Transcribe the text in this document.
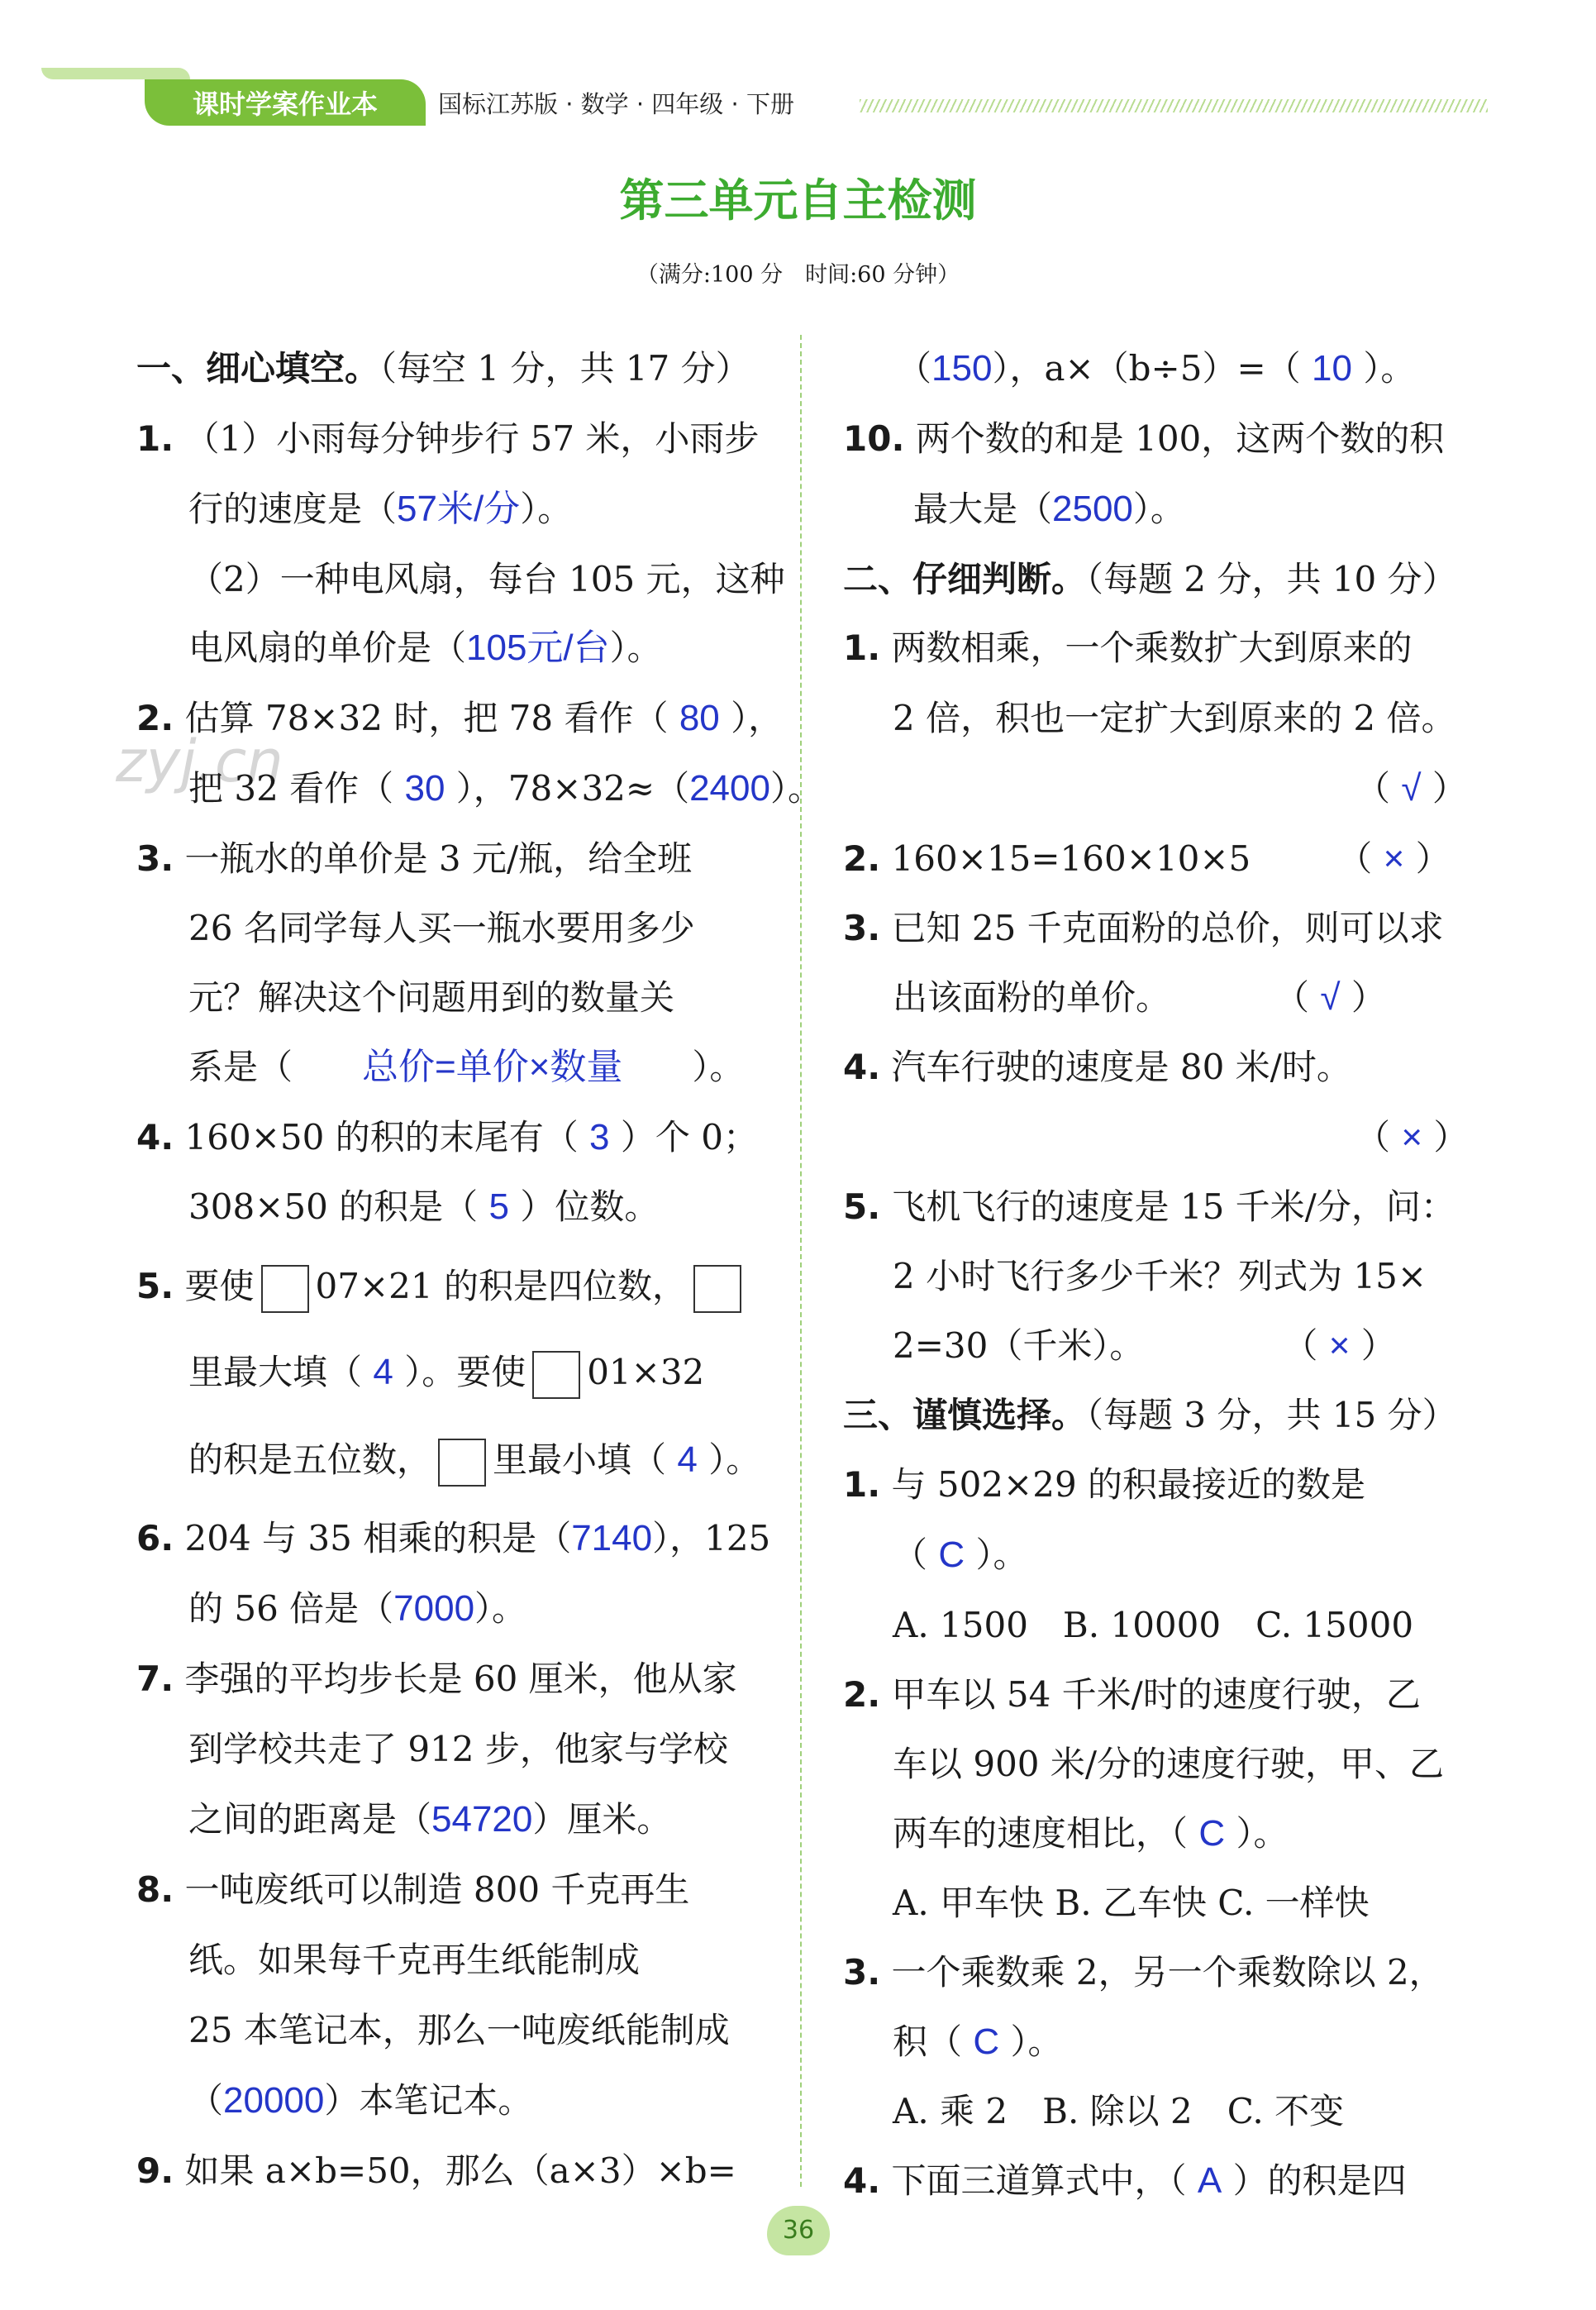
课时学案作业本	国标江苏版 · 数学 · 四年级 · 下册
第三单元自主检测
（满分:100 分　时间:60 分钟）
zyj.cn
一、细心填空。（每空 1 分，共 17 分）
1. （1）小雨每分钟步行 57 米，小雨步
行的速度是（57米/分）。
（2）一种电风扇，每台 105 元，这种
电风扇的单价是（105元/台）。
2. 估算 78×32 时，把 78 看作（ 80 ），
把 32 看作（ 30 ），78×32≈（2400）。
3. 一瓶水的单价是 3 元/瓶，给全班
26 名同学每人买一瓶水要用多少
元？解决这个问题用到的数量关
系是（　　总价=单价×数量　　）。
4. 160×50 的积的末尾有（ 3 ）个 0；
308×50 的积是（ 5 ）位数。
5. 要使 07×21 的积是四位数，
里最大填（ 4 ）。要使 01×32
的积是五位数， 里最小填（ 4 ）。
6. 204 与 35 相乘的积是（7140），125
的 56 倍是（7000）。
7. 李强的平均步长是 60 厘米，他从家
到学校共走了 912 步，他家与学校
之间的距离是（54720）厘米。
8. 一吨废纸可以制造 800 千克再生
纸。如果每千克再生纸能制成
25 本笔记本，那么一吨废纸能制成
（20000）本笔记本。
9. 如果 a×b=50，那么（a×3）×b=
（150），a×（b÷5）=（ 10 ）。
10. 两个数的和是 100，这两个数的积
最大是（2500）。
二、仔细判断。（每题 2 分，共 10 分）
1. 两数相乘，一个乘数扩大到原来的
2 倍，积也一定扩大到原来的 2 倍。
（ √ ）
2. 160×15=160×10×5　　　（ × ）
3. 已知 25 千克面粉的总价，则可以求
出该面粉的单价。　　　　（ √ ）
4. 汽车行驶的速度是 80 米/时。
（ × ）
5. 飞机飞行的速度是 15 千米/分，问：
2 小时飞行多少千米？列式为 15×
2=30（千米）。　　　　　（ × ）
三、谨慎选择。（每题 3 分，共 15 分）
1. 与 502×29 的积最接近的数是
（ C ）。
A. 1500　B. 10000　C. 15000
2. 甲车以 54 千米/时的速度行驶，乙
车以 900 米/分的速度行驶，甲、乙
两车的速度相比，（ C ）。
A. 甲车快 B. 乙车快 C. 一样快
3. 一个乘数乘 2，另一个乘数除以 2，
积（ C ）。
A. 乘 2　B. 除以 2　C. 不变
4. 下面三道算式中，（ A ）的积是四
36
